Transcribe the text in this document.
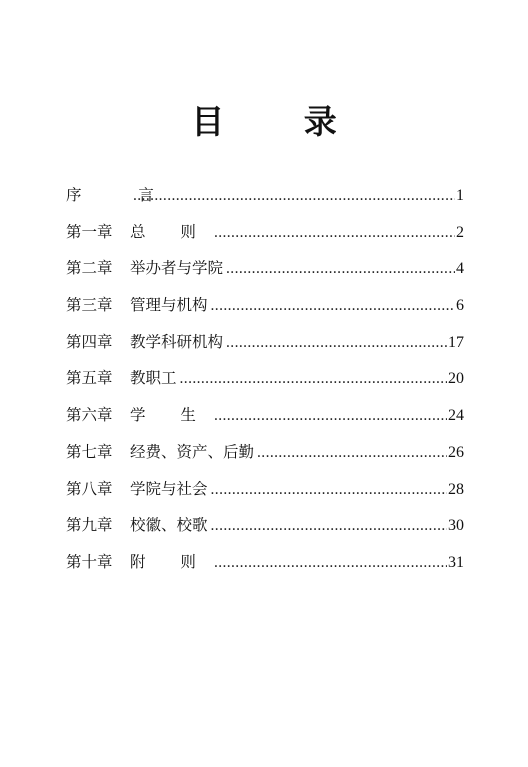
目 录
序 言 .....	1
第一章	总 则 .....	2
第二章	举办者与学院 .....	4
第三章	管理与机构 .....	6
第四章	教学科研机构 .....	17
第五章	教职工 .....	20
第六章	学 生 .....	24
第七章	经费、资产、后勤 .....	26
第八章	学院与社会 .....	28
第九章	校徽、校歌 .....	30
第十章	附 则 .....	31
